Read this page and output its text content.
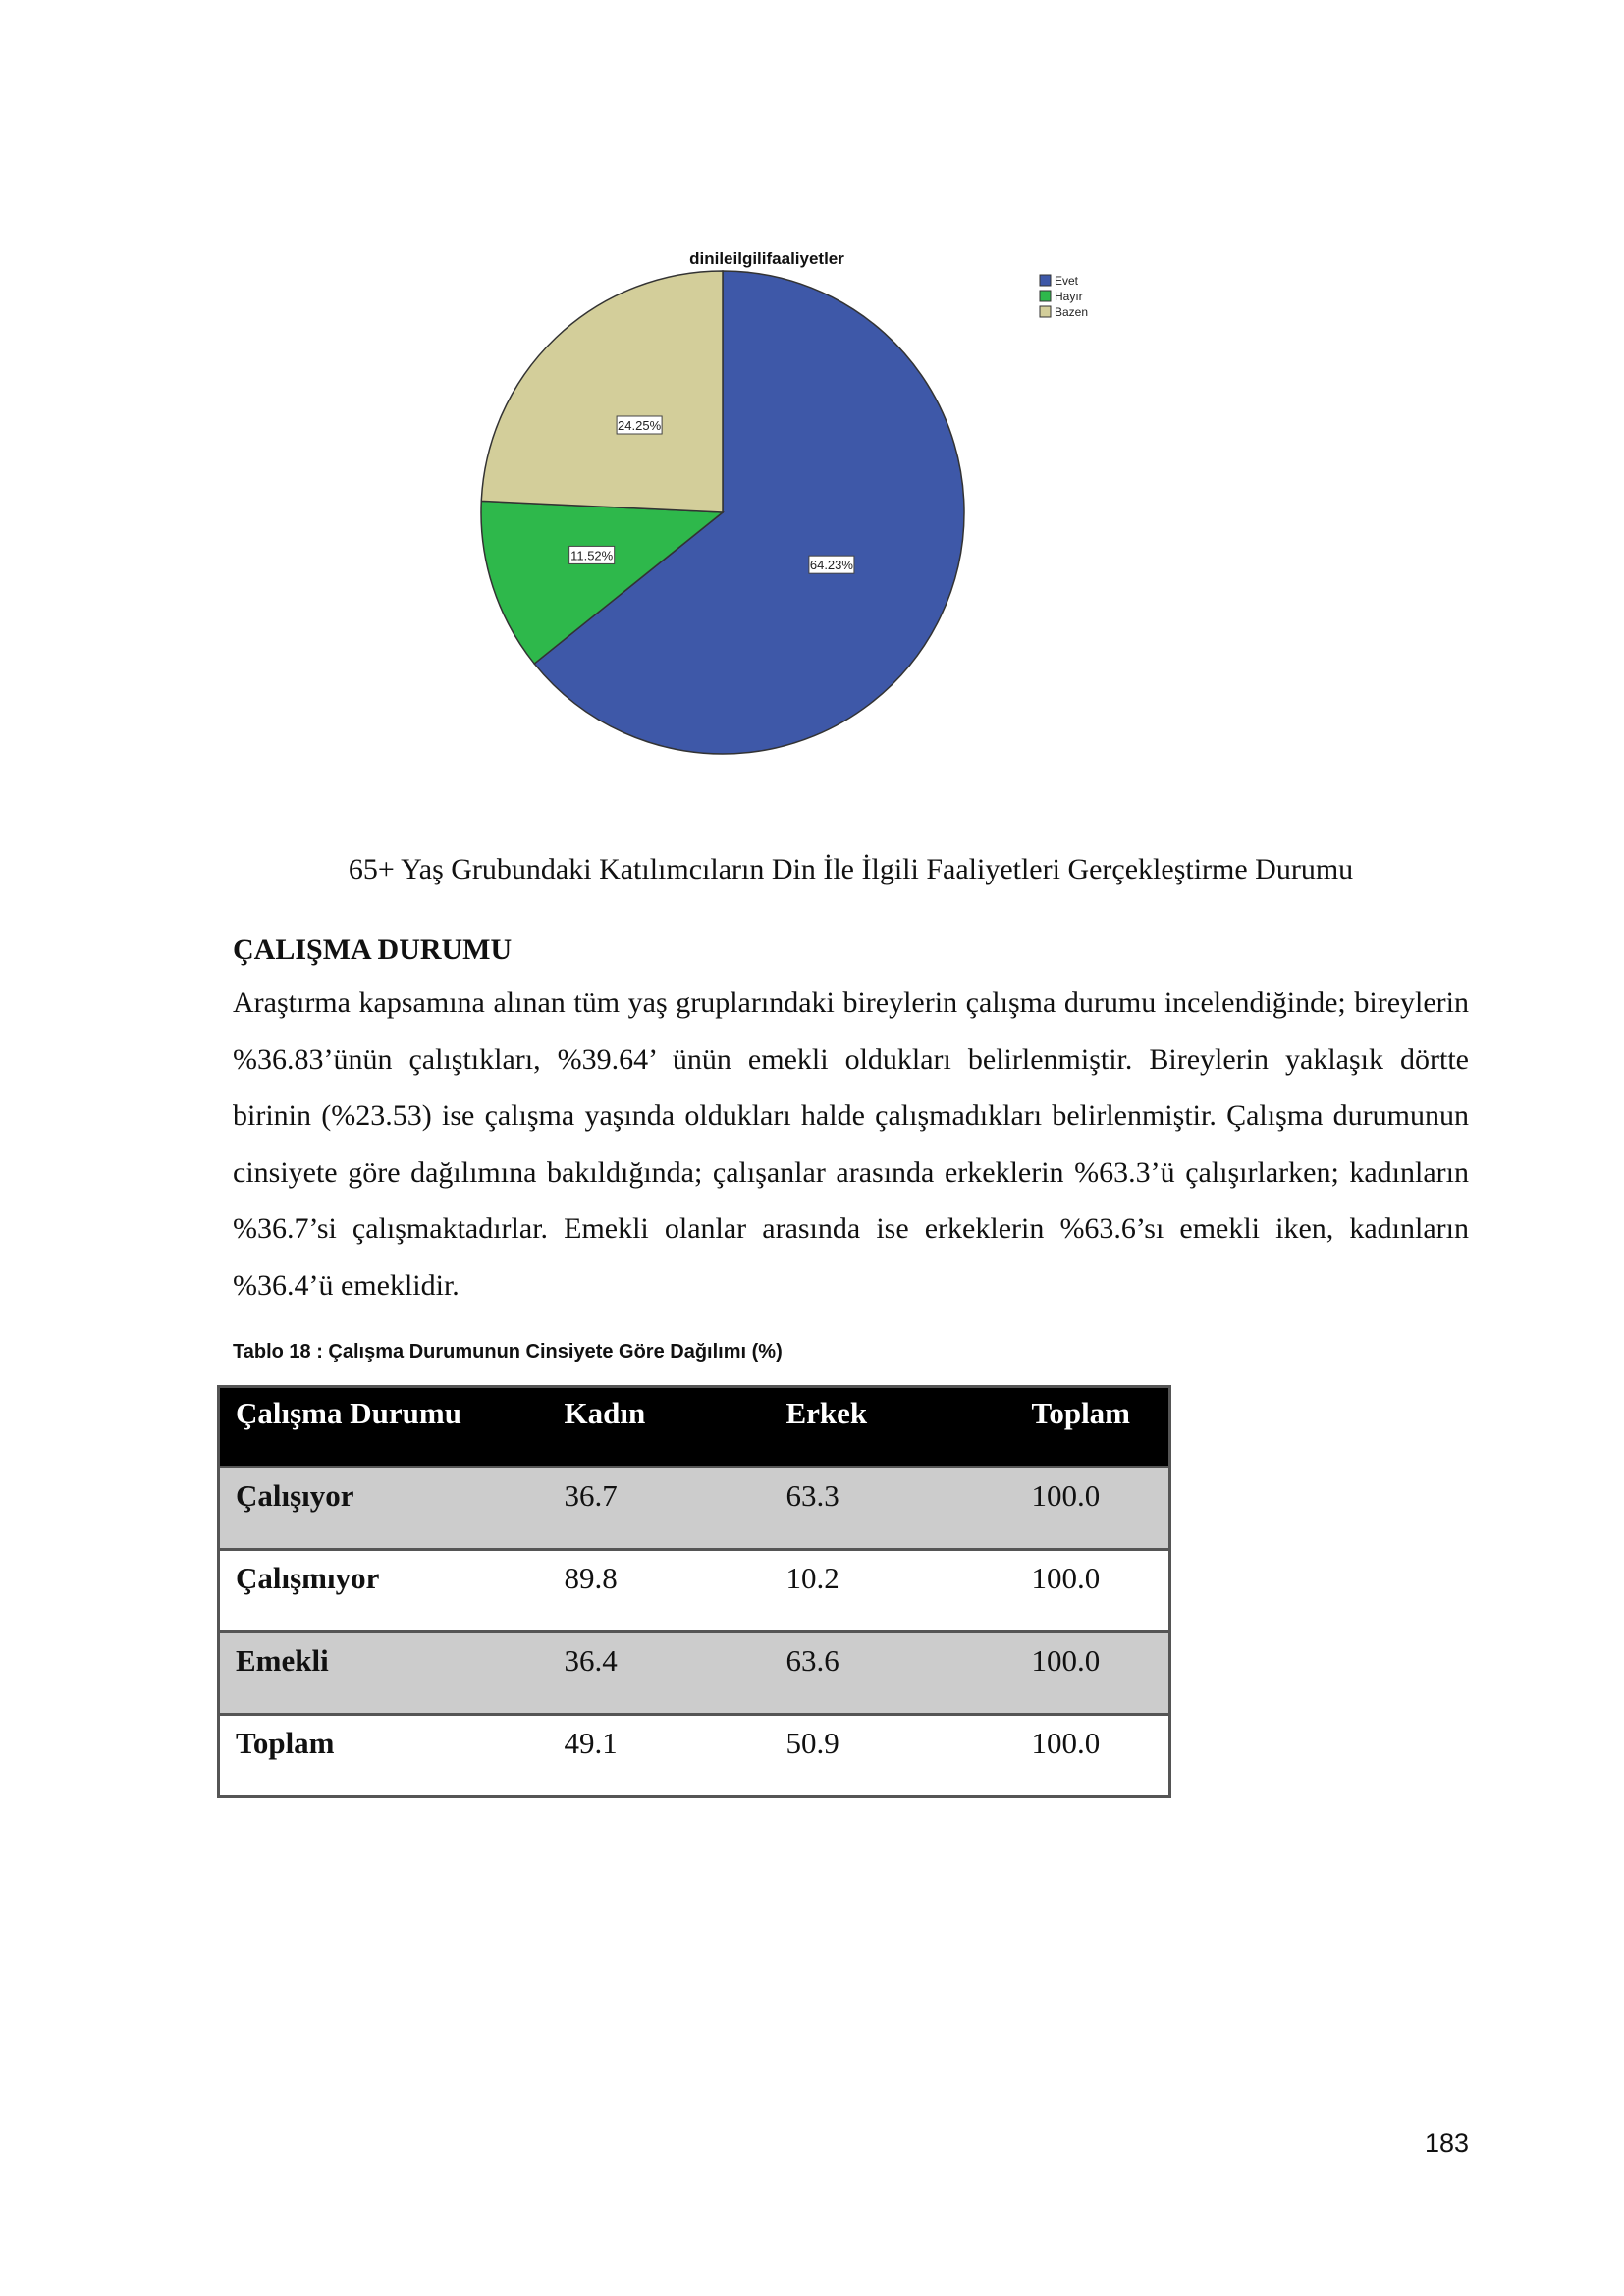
dinileilgilifaaliyetler
64.23%
11.52%
24.25%
Evet
Hayır
Bazen
65+ Yaş Grubundaki Katılımcıların Din İle İlgili Faaliyetleri Gerçekleştirme Durumu
ÇALIŞMA DURUMU

Araştırma kapsamına alınan tüm yaş gruplarındaki bireylerin çalışma durumu incelendiğinde; bireylerin %36.83’ünün çalıştıkları, %39.64’ ünün emekli oldukları belirlenmiştir. Bireylerin yaklaşık dörtte birinin (%23.53) ise çalışma yaşında oldukları halde çalışmadıkları belirlenmiştir. Çalışma durumunun cinsiyete göre dağılımına bakıldığında; çalışanlar arasında erkeklerin %63.3’ü çalışırlarken; kadınların %36.7’si çalışmaktadırlar. Emekli olanlar arasında ise erkeklerin %63.6’sı emekli iken, kadınların %36.4’ü emeklidir.

Tablo 18 : Çalışma Durumunun Cinsiyete Göre Dağılımı (%)
Çalışma Durumu	Kadın	Erkek	Toplam
Çalışıyor	36.7	63.3	100.0
Çalışmıyor	89.8	10.2	100.0
Emekli	36.4	63.6	100.0
Toplam	49.1	50.9	100.0
183
